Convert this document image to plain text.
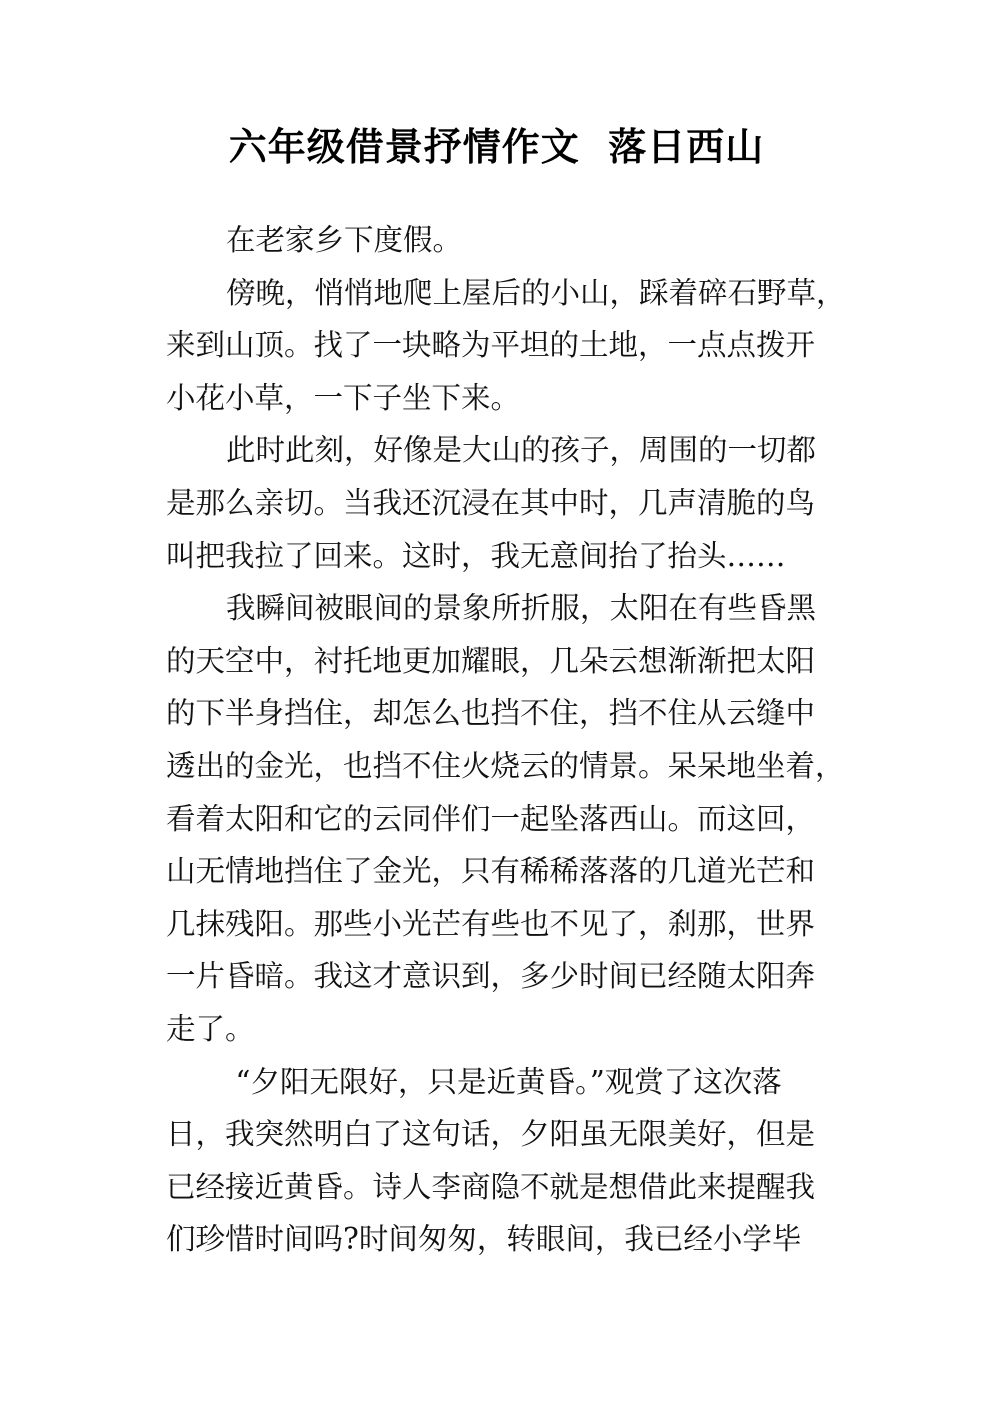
六年级借景抒情作文  落日西山
在老家乡下度假。
傍晚，悄悄地爬上屋后的小山，踩着碎石野草，
来到山顶。找了一块略为平坦的土地，一点点拨开
小花小草，一下子坐下来。
此时此刻，好像是大山的孩子，周围的一切都
是那么亲切。当我还沉浸在其中时，几声清脆的鸟
叫把我拉了回来。这时，我无意间抬了抬头……
我瞬间被眼间的景象所折服，太阳在有些昏黑
的天空中，衬托地更加耀眼，几朵云想渐渐把太阳
的下半身挡住，却怎么也挡不住，挡不住从云缝中
透出的金光，也挡不住火烧云的情景。呆呆地坐着，
看着太阳和它的云同伴们一起坠落西山。而这回，
山无情地挡住了金光，只有稀稀落落的几道光芒和
几抹残阳。那些小光芒有些也不见了，刹那，世界
一片昏暗。我这才意识到，多少时间已经随太阳奔
走了。
“夕阳无限好，只是近黄昏。”观赏了这次落
日，我突然明白了这句话，夕阳虽无限美好，但是
已经接近黄昏。诗人李商隐不就是想借此来提醒我
们珍惜时间吗?时间匆匆，转眼间，我已经小学毕
